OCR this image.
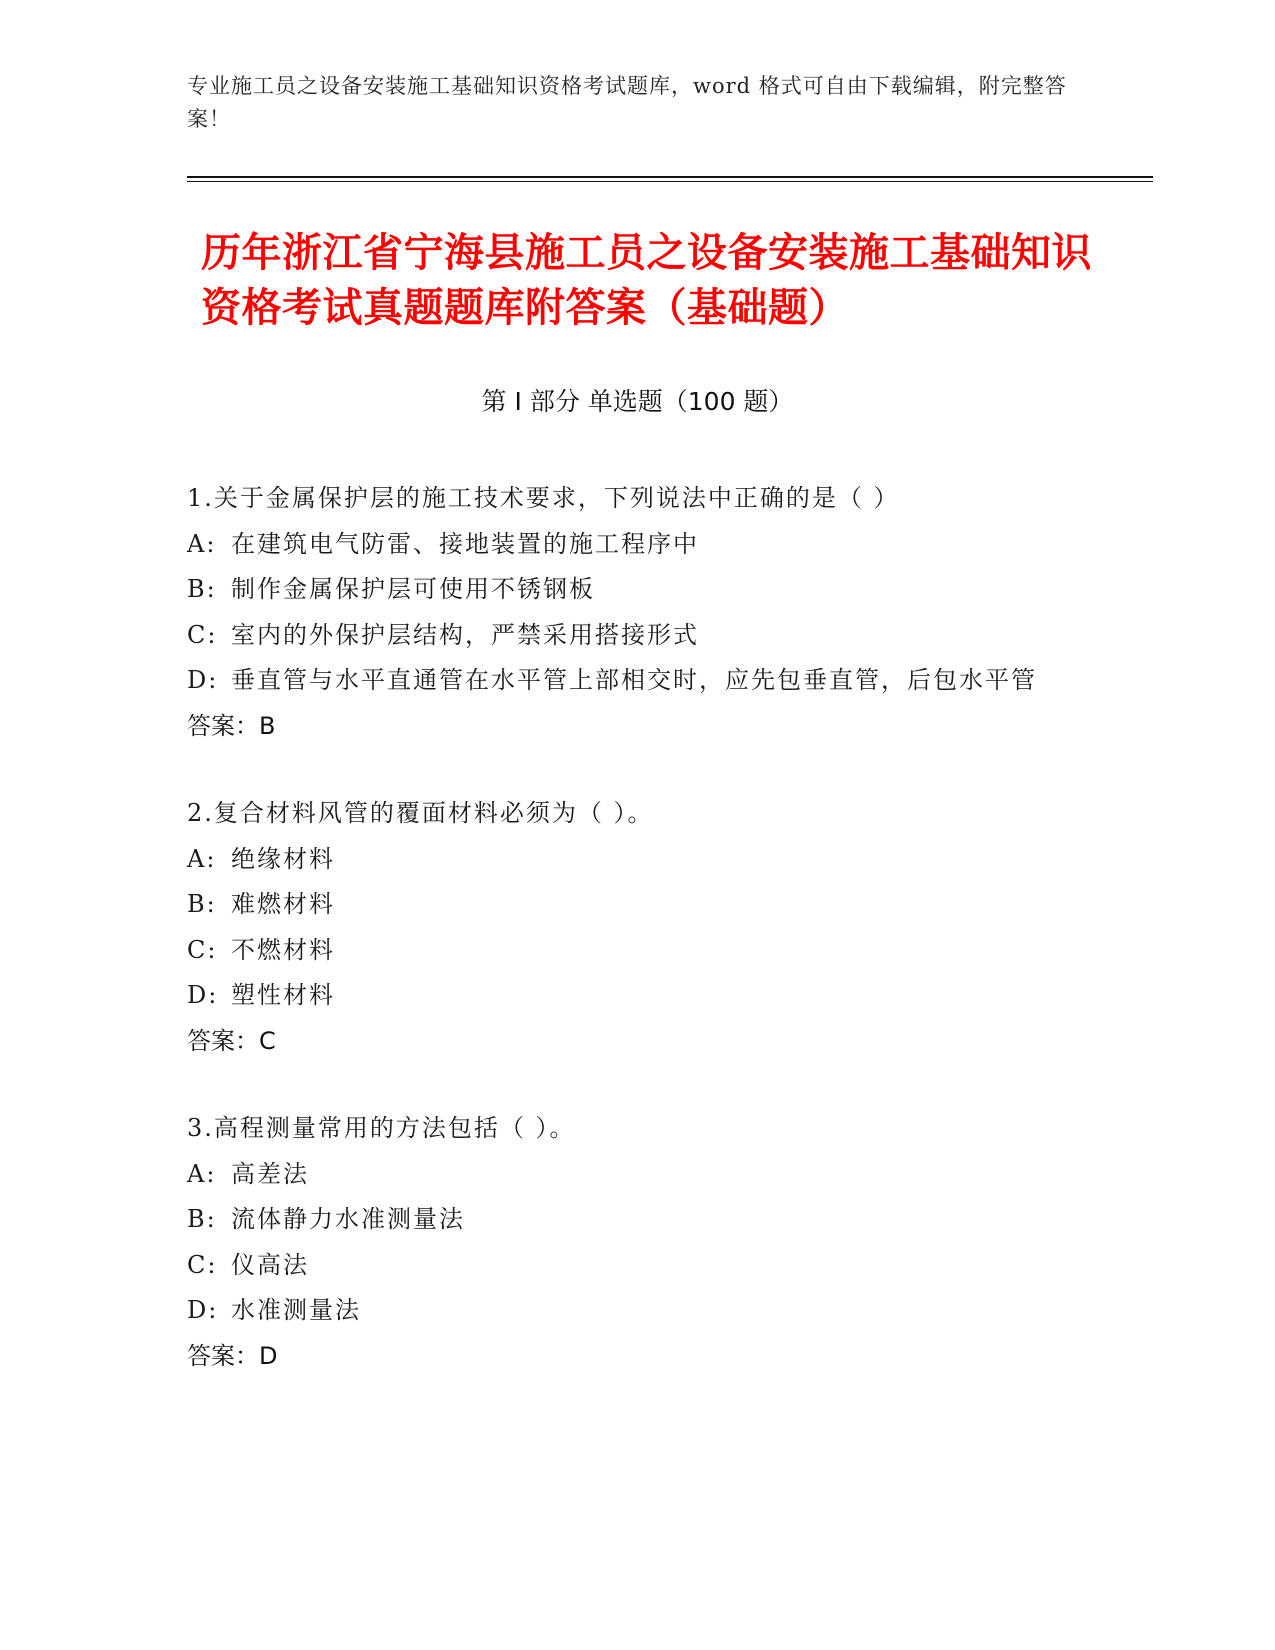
专业施工员之设备安装施工基础知识资格考试题库，word 格式可自由下载编辑，附完整答案！
历年浙江省宁海县施工员之设备安装施工基础知识资格考试真题题库附答案（基础题）
第 I 部分 单选题（100 题）
1.关于金属保护层的施工技术要求，下列说法中正确的是（ ）
A: 在建筑电气防雷、接地装置的施工程序中
B: 制作金属保护层可使用不锈钢板
C: 室内的外保护层结构，严禁采用搭接形式
D: 垂直管与水平直通管在水平管上部相交时，应先包垂直管，后包水平管
答案：B
2.复合材料风管的覆面材料必须为（ ）。
A: 绝缘材料
B: 难燃材料
C: 不燃材料
D: 塑性材料
答案：C
3.高程测量常用的方法包括（ ）。
A: 高差法
B: 流体静力水准测量法
C: 仪高法
D: 水准测量法
答案：D
